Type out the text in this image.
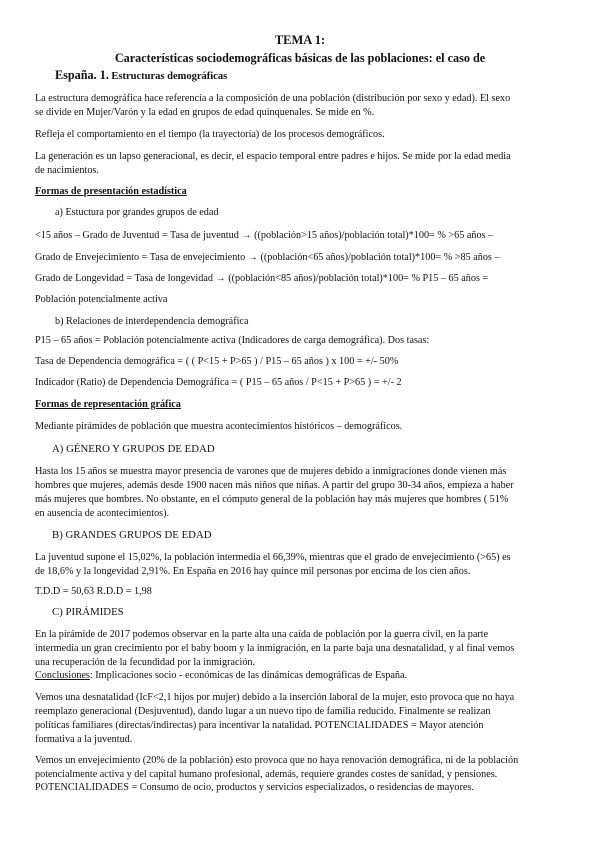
TEMA 1:
Características sociodemográficas básicas de las poblaciones: el caso de
España. 1. Estructuras demográficas
La estructura demográfica hace referencia a la composición de una población (distribución por sexo y edad). El sexo
se divide en Mujer/Varón y la edad en grupos de edad quinquenales. Se mide en %.
Refleja el comportamiento en el tiempo (la trayectoria) de los procesos demográficos.
La generación es un lapso generacional, es decir, el espacio temporal entre padres e hijos. Se mide por la edad media
de nacimientos.
Formas de presentación estadística
a) Estuctura por grandes grupos de edad
<15 años – Grado de Juventud = Tasa de juventud → ((población>15 años)/población total)*100= % >65 años –
Grado de Envejecimiento = Tasa de envejecimiento → ((población<65 años)/población total)*100= % >85 años –
Grado de Longevidad = Tasa de longevidad → ((población<85 años)/población total)*100= % P15 – 65 años =
Población potencialmente activa
b) Relaciones de interdependencia demográfica
P15 – 65 años = Población potencialmente activa (Indicadores de carga demográfica). Dos tasas:
Tasa de Dependencia demográfica = ( ( P<15 + P>65 ) / P15 – 65 años ) x 100 = +/- 50%
Indicador (Ratio) de Dependencia Demográfica = ( P15 – 65 años / P<15 + P>65 ) = +/- 2
Formas de representación gráfica
Mediante pirámides de población que muestra acontecimientos históricos – demográficos.
A) GÉNERO Y GRUPOS DE EDAD
Hasta los 15 años se muestra mayor presencia de varones que de mujeres debido a inmigraciones donde vienen más
hombres que mujeres, además desde 1900 nacen más niños que niñas. A partir del grupo 30-34 años, empieza a haber
más mujeres que hombres. No obstante, en el cómputo general de la población hay más mujeres que hombres ( 51%
en ausencia de acontecimientos).
B) GRANDES GRUPOS DE EDAD
La juventud supone el 15,02%, la población intermedia el 66,39%, mientras que el grado de envejecimiento (>65) es
de 18,6% y la longevidad 2,91%. En España en 2016 hay quince mil personas por encima de los cien años.
T.D.D = 50,63 R.D.D = 1,98
C) PIRÁMIDES
En la pirámide de 2017 podemos observar en la parte alta una caída de población por la guerra civil, en la parte
intermedia un gran crecimiento por el baby boom y la inmigración, en la parte baja una desnatalidad, y al final vemos
una recuperación de la fecundidad por la inmigración.
Conclusiones: Implicaciones socio - económicas de las dinámicas demográficas de España.
Vemos una desnatalidad (IcF<2,1 hijos por mujer) debido a la inserción laboral de la mujer, esto provoca que no haya
reemplazo generacional (Desjuventud), dando lugar a un nuevo tipo de familia reducido. Finalmente se realizan
políticas familiares (directas/indirectas) para incentivar la natalidad. POTENCIALIDADES = Mayor atención
formativa a la juventud.
Vemos un envejecimiento (20% de la población) esto provoca que no haya renovación demográfica, ni de la población
potencialmente activa y del capital humano profesional, además, requiere grandes costes de sanidad, y pensiones.
POTENCIALIDADES = Consumo de ocio, productos y servicios especializados, o residencias de mayores.
